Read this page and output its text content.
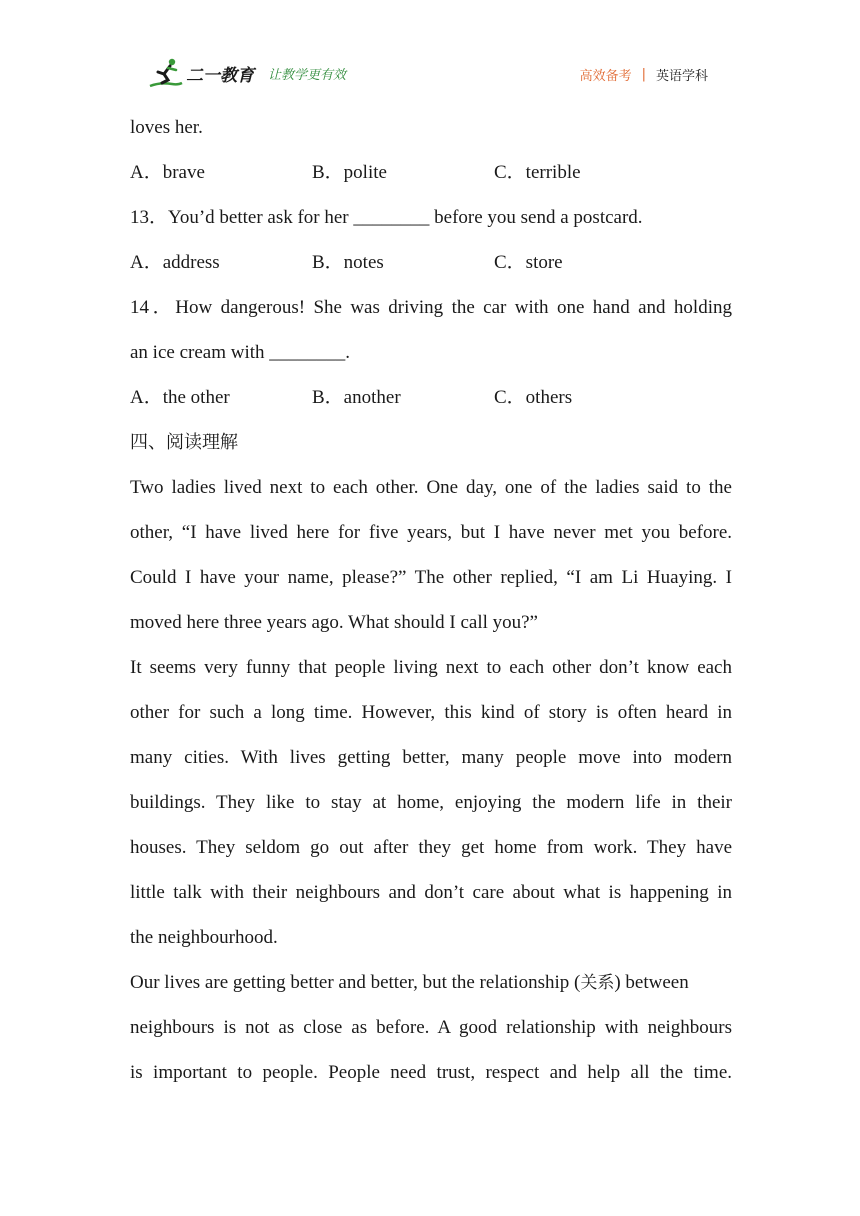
二一教育 让教学更有效	高效备考 | 英语学科
loves her.
A．brave	B．polite	C．terrible
13．You’d better ask for her ________ before you send a postcard.
A．address	B．notes	C．store
14．How dangerous! She was driving the car with one hand and holding
an ice cream with ________.
A．the other	B．another	C．others
四、阅读理解
Two ladies lived next to each other. One day, one of the ladies said to the
other, “I have lived here for five years, but I have never met you before.
Could I have your name, please?” The other replied, “I am Li Huaying. I
moved here three years ago. What should I call you?”
It seems very funny that people living next to each other don’t know each
other for such a long time. However, this kind of story is often heard in
many cities. With lives getting better, many people move into modern
buildings. They like to stay at home, enjoying the modern life in their
houses. They seldom go out after they get home from work. They have
little talk with their neighbours and don’t care about what is happening in
the neighbourhood.
Our lives are getting better and better, but the relationship (关系) between
neighbours is not as close as before. A good relationship with neighbours
is important to people. People need trust, respect and help all the time.
